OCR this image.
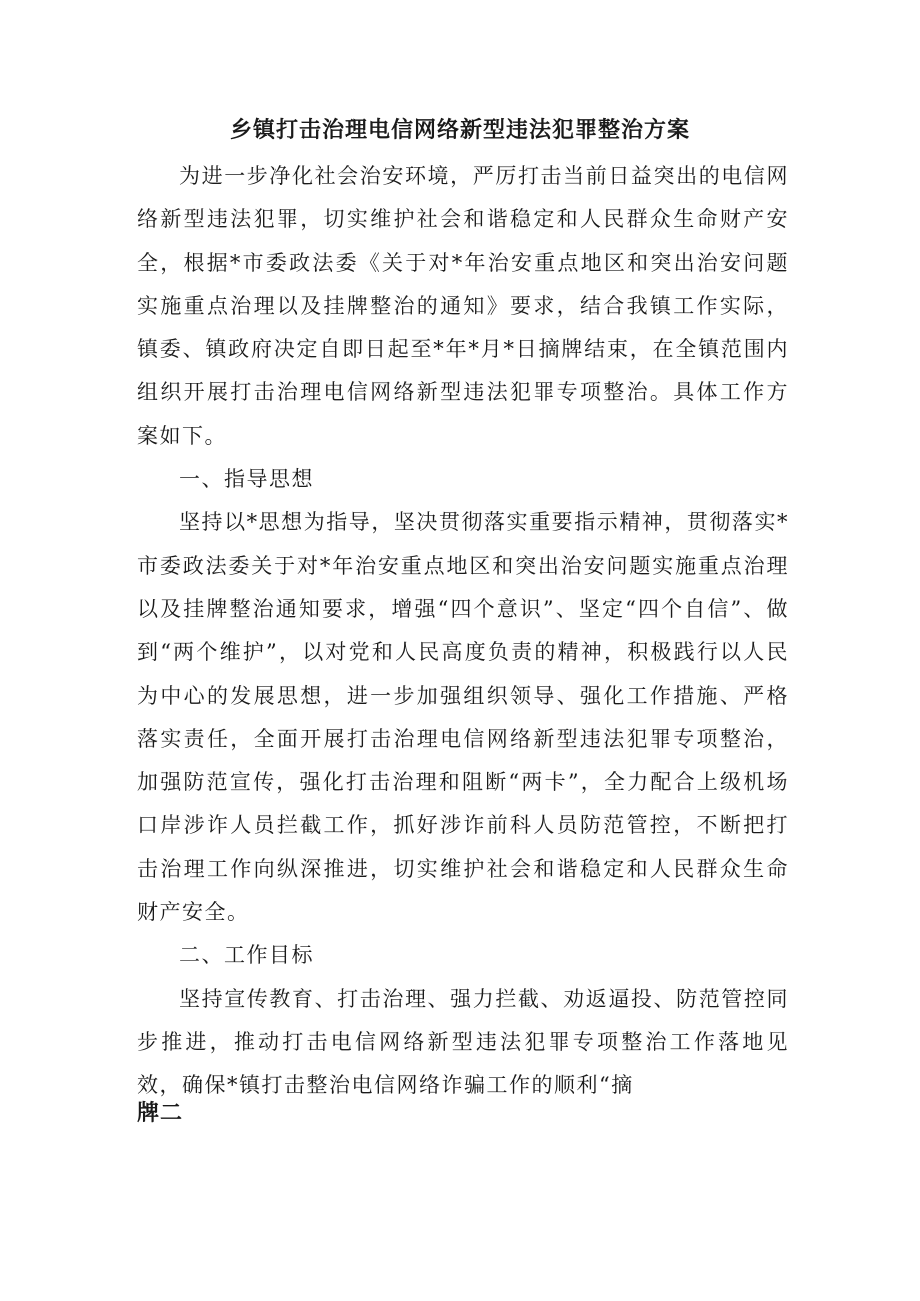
乡镇打击治理电信网络新型违法犯罪整治方案

为进一步净化社会治安环境，严厉打击当前日益突出的电信网络新型违法犯罪，切实维护社会和谐稳定和人民群众生命财产安全，根据*市委政法委《关于对*年治安重点地区和突出治安问题实施重点治理以及挂牌整治的通知》要求，结合我镇工作实际，镇委、镇政府决定自即日起至*年*月*日摘牌结束，在全镇范围内组织开展打击治理电信网络新型违法犯罪专项整治。具体工作方案如下。

一、指导思想

坚持以*思想为指导，坚决贯彻落实重要指示精神，贯彻落实*市委政法委关于对*年治安重点地区和突出治安问题实施重点治理以及挂牌整治通知要求，增强“四个意识”、坚定“四个自信”、做到“两个维护”，以对党和人民高度负责的精神，积极践行以人民为中心的发展思想，进一步加强组织领导、强化工作措施、严格落实责任，全面开展打击治理电信网络新型违法犯罪专项整治，加强防范宣传，强化打击治理和阻断“两卡”，全力配合上级机场口岸涉诈人员拦截工作，抓好涉诈前科人员防范管控，不断把打击治理工作向纵深推进，切实维护社会和谐稳定和人民群众生命财产安全。

二、工作目标

坚持宣传教育、打击治理、强力拦截、劝返逼投、防范管控同步推进，推动打击电信网络新型违法犯罪专项整治工作落地见效，确保*镇打击整治电信网络诈骗工作的顺利“摘

牌二
